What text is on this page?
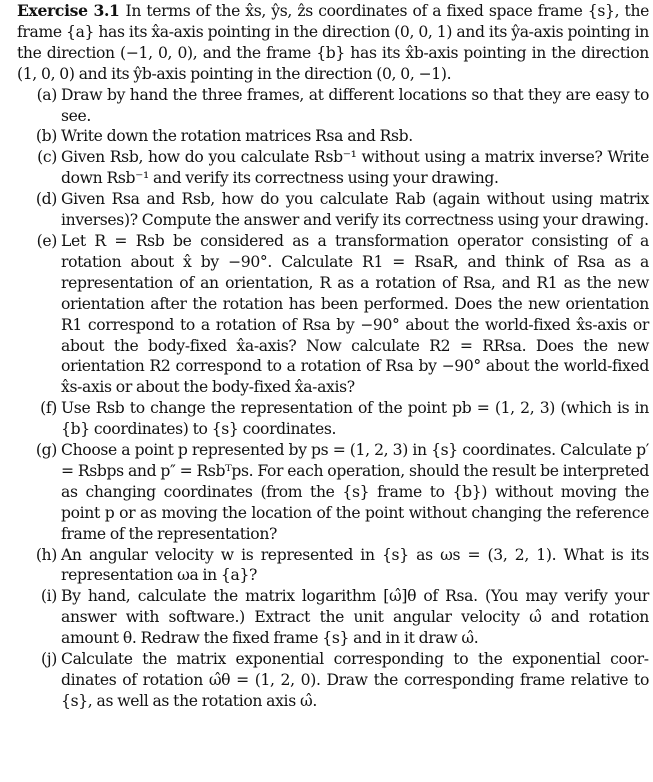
Exercise 3.1 In terms of the x̂s, ŷs, ẑs coordinates of a fixed space frame {s}, the frame {a} has its x̂a-axis pointing in the direction (0, 0, 1) and its ŷa-axis pointing in the direction (−1, 0, 0), and the frame {b} has its x̂b-axis pointing in the direction (1, 0, 0) and its ŷb-axis pointing in the direction (0, 0, −1).

(a) Draw by hand the three frames, at different locations so that they are easy to see.
(b) Write down the rotation matrices Rsa and Rsb.
(c) Given Rsb, how do you calculate Rsb⁻¹ without using a matrix inverse? Write down Rsb⁻¹ and verify its correctness using your drawing.
(d) Given Rsa and Rsb, how do you calculate Rab (again without using matrix inverses)? Compute the answer and verify its correctness using your drawing.
(e) Let R = Rsb be considered as a transformation operator consisting of a rotation about x̂ by −90°. Calculate R1 = RsaR, and think of Rsa as a representation of an orientation, R as a rotation of Rsa, and R1 as the new orientation after the rotation has been performed. Does the new orientation R1 correspond to a rotation of Rsa by −90° about the world-fixed x̂s-axis or about the body-fixed x̂a-axis? Now calculate R2 = RRsa. Does the new orientation R2 correspond to a rotation of Rsa by −90° about the world-fixed x̂s-axis or about the body-fixed x̂a-axis?
(f) Use Rsb to change the representation of the point pb = (1, 2, 3) (which is in {b} coordinates) to {s} coordinates.
(g) Choose a point p represented by ps = (1, 2, 3) in {s} coordinates. Calculate p′ = Rsbps and p″ = Rsbᵀps. For each operation, should the result be interpreted as changing coordinates (from the {s} frame to {b}) without moving the point p or as moving the location of the point without changing the reference frame of the representation?
(h) An angular velocity w is represented in {s} as ωs = (3, 2, 1). What is its representation ωa in {a}?
(i) By hand, calculate the matrix logarithm [ω̂]θ of Rsa. (You may verify your answer with software.) Extract the unit angular velocity ω̂ and rotation amount θ. Redraw the fixed frame {s} and in it draw ω̂.
(j) Calculate the matrix exponential corresponding to the exponential coordinates of rotation ω̂θ = (1, 2, 0). Draw the corresponding frame relative to {s}, as well as the rotation axis ω̂.
